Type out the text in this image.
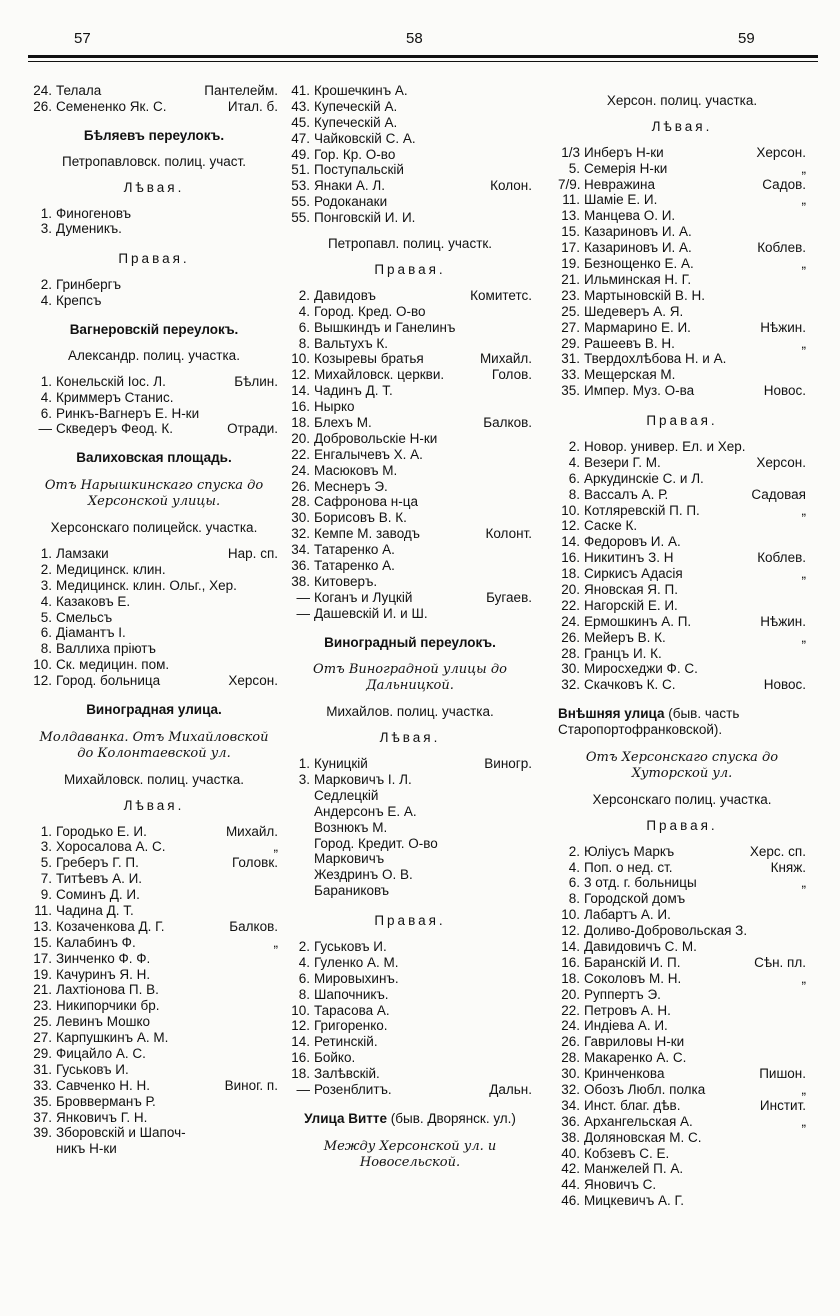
57	58	59
24. Телала	Пантелейм.
26. Семененко Як. С.	Итал. б.
Бѣляевъ переулокъ.
Петропавловск. полиц. участ.
Лѣвая.
1. Финогеновъ
3. Думеникъ.
Правая.
2. Гринбергъ
4. Крепсъ
Вагнеровскій переулокъ.
Александр. полиц. участка.
1. Конельскій Іос. Л.	Бѣлин.
4. Криммеръ Станис.
6. Ринкъ-Вагнеръ Е. Н-ки
— Скведеръ Феод. К.	Отради.
Валиховская площадь.
Отъ Нарышкинскаго спуска до Херсонской улицы.
Херсонскаго полицейск. участка.
1. Ламзаки	Нар. сп.
2. Медицинск. клин.
3. Медицинск. клин. Ольг., Хер.
4. Казаковъ Е.
5. Смельсъ
6. Діамантъ І.
8. Валлиха пріютъ
10. Ск. медицин. пом.
12. Город. больница	Херсон.
Виноградная улица.
Молдаванка. Отъ Михайловской до Колонтаевской ул.
Михайловск. полиц. участка.
Лѣвая.
1. Городько Е. И.	Михайл.
3. Хоросалова А. С.	„
5. Греберъ Г. П.	Головк.
7. Титѣевъ А. И.
9. Соминъ Д. И.
11. Чадина Д. Т.
13. Козаченкова Д. Г.	Балков.
15. Калабинъ Ф.	„
17. Зинченко Ф. Ф.
19. Качуринъ Я. Н.
21. Лахтіонова П. В.
23. Никипорчики бр.
25. Левинъ Мошко
27. Карпушкинъ А. М.
29. Фицайло А. С.
31. Гуськовъ И.
33. Савченко Н. Н.	Виног. п.
35. Бровверманъ Р.
37. Янковичъ Г. Н.
39. Зборовскій и Шапоч-
никъ Н-ки
41. Крошечкинъ А.
43. Купеческій А.
45. Купеческій А.
47. Чайковскій С. А.
49. Гор. Кр. О-во
51. Поступальскій
53. Янаки А. Л.	Колон.
55. Родоканаки
55. Понговскій И. И.
Петропавл. полиц. участк.
Правая.
2. Давидовъ	Комитетс.
4. Город. Кред. О-во
6. Вышкиндъ и Ганелинъ
8. Вальтухъ К.
10. Козыревы братья	Михайл.
12. Михайловск. церкви.	Голов.
14. Чадинъ Д. Т.
16. Нырко
18. Блехъ М.	Балков.
20. Добровольскіе Н-ки
22. Енгалычевъ Х. А.
24. Масюковъ М.
26. Меснеръ Э.
28. Сафронова н-ца
30. Борисовъ В. К.
32. Кемпе М. заводъ	Колонт.
34. Татаренко А.
36. Татаренко А.
38. Китоверъ.
— Коганъ и Луцкій	Бугаев.
— Дашевскій И. и Ш.
Виноградный переулокъ.
Отъ Виноградной улицы до Дальницкой.
Михайлов. полиц. участка.
Лѣвая.
1. Куницкій	Виногр.
3. Марковичъ І. Л.
Седлецкій
Андерсонъ Е. А.
Вознюкъ М.
Город. Кредит. О-во
Марковичъ
Жездринъ О. В.
Бараниковъ
Правая.
2. Гуськовъ И.
4. Гуленко А. М.
6. Мировыхинъ.
8. Шапочникъ.
10. Тарасова А.
12. Григоренко.
14. Ретинскій.
16. Бойко.
18. Залѣвскій.
— Розенблитъ.	Дальн.
Улица Витте (быв. Дворянск. ул.)
Между Херсонской ул. и Новосельской.
Херсон. полиц. участка.
Лѣвая.
1/3 Инберъ Н-ки	Херсон.
5. Семерія Н-ки	„
7/9. Невражина	Садов.
11. Шаміе Е. И.	„
13. Манцева О. И.
15. Казариновъ И. А.
17. Казариновъ И. А.	Коблев.
19. Безнощенко Е. А.	„
21. Ильминская Н. Г.
23. Мартыновскій В. Н.
25. Шедеверъ А. Я.
27. Мармарино Е. И.	Нѣжин.
29. Рашеевъ В. Н.	„
31. Твердохлѣбова Н. и А.
33. Мещерская М.
35. Импер. Муз. О-ва	Новос.
Правая.
2. Новор. универ. Ел. и Хер.
4. Везери Г. М.	Херсон.
6. Аркудинскіе С. и Л.
8. Вассалъ А. Р.	Садовая
10. Котляревскій П. П.	„
12. Саске К.
14. Федоровъ И. А.
16. Никитинъ З. Н	Коблев.
18. Сиркисъ Адасія	„
20. Яновская Я. П.
22. Нагорскій Е. И.
24. Ермошкинъ А. П.	Нѣжин.
26. Мейеръ В. К.	„
28. Гранцъ И. К.
30. Миросхеджи Ф. С.
32. Скачковъ К. С.	Новос.
Внѣшняя улица (быв. часть Старопортофранковской).
Отъ Херсонскаго спуска до Хуторской ул.
Херсонскаго полиц. участка.
Правая.
2. Юліусъ Маркъ	Херс. сп.
4. Поп. о нед. ст.	Княж.
6. 3 отд. г. больницы	„
8. Городской домъ
10. Лабартъ А. И.
12. Доливо-Добровольская З.
14. Давидовичъ С. М.
16. Баранскій И. П.	Сѣн. пл.
18. Соколовъ М. Н.	„
20. Руппертъ Э.
22. Петровъ А. Н.
24. Индіева А. И.
26. Гавриловы Н-ки
28. Макаренко А. С.
30. Кринченкова	Пишон.
32. Обозъ Любл. полка	„
34. Инст. благ. дѣв.	Инстит.
36. Архангельская А.	„
38. Доляновская М. С.
40. Кобзевъ С. Е.
42. Манжелей П. А.
44. Яновичъ С.
46. Мицкевичъ А. Г.
